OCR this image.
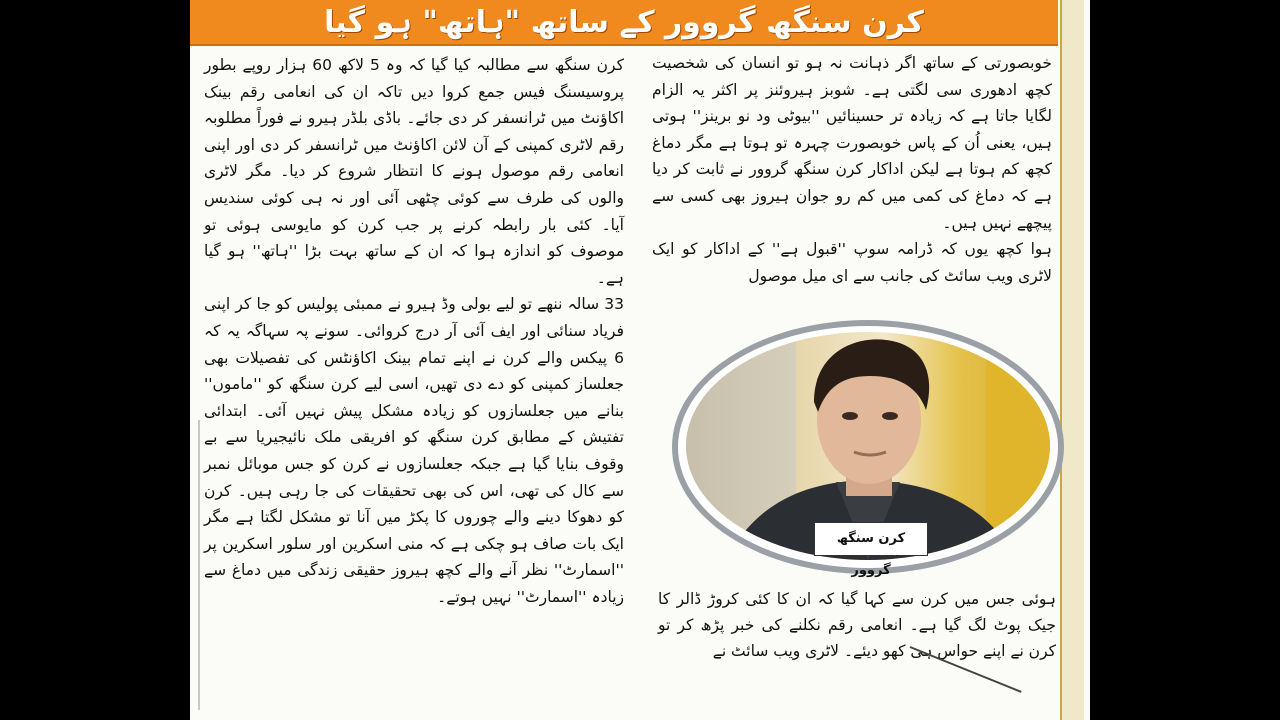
کرن سنگھ گروور کے ساتھ "ہاتھ" ہو گیا

خوبصورتی کے ساتھ اگر ذہانت نہ ہو تو انسان کی شخصیت کچھ ادھوری سی لگتی ہے۔ شوبز ہیروئنز پر اکثر یہ الزام لگایا جاتا ہے کہ زیادہ تر حسینائیں ''بیوٹی ود نو برینز'' ہوتی ہیں، یعنی اُن کے پاس خوبصورت چہرہ تو ہوتا ہے مگر دماغ کچھ کم ہوتا ہے لیکن اداکار کرن سنگھ گروور نے ثابت کر دیا ہے کہ دماغ کی کمی میں کم رو جوان ہیروز بھی کسی سے پیچھے نہیں ہیں۔

ہوا کچھ یوں کہ ڈرامہ سوپ ''قبول ہے'' کے اداکار کو ایک لاٹری ویب سائٹ کی جانب سے ای میل موصول

کرن سنگھ سے مطالبہ کیا گیا کہ وہ 5 لاکھ 60 ہزار روپے بطور پروسیسنگ فیس جمع کروا دیں تاکہ ان کی انعامی رقم بینک اکاؤنٹ میں ٹرانسفر کر دی جائے۔ باڈی بلڈر ہیرو نے فوراً مطلوبہ رقم لاٹری کمپنی کے آن لائن اکاؤنٹ میں ٹرانسفر کر دی اور اپنی انعامی رقم موصول ہونے کا انتظار شروع کر دیا۔ مگر لاٹری والوں کی طرف سے کوئی چٹھی آئی اور نہ ہی کوئی سندیس آیا۔ کئی بار رابطہ کرنے پر جب کرن کو مایوسی ہوئی تو موصوف کو اندازہ ہوا کہ ان کے ساتھ بہت بڑا ''ہاتھ'' ہو گیا ہے۔

33 سالہ ننھے تو لیے بولی وڈ ہیرو نے ممبئی پولیس کو جا کر اپنی فریاد سنائی اور ایف آئی آر درج کروائی۔ سونے پہ سہاگہ یہ کہ 6 پیکس والے کرن نے اپنے تمام بینک اکاؤنٹس کی تفصیلات بھی جعلساز کمپنی کو دے دی تھیں، اسی لیے کرن سنگھ کو ''ماموں'' بنانے میں جعلسازوں کو زیادہ مشکل پیش نہیں آئی۔ ابتدائی تفتیش کے مطابق کرن سنگھ کو افریقی ملک نائیجیریا سے بے وقوف بنایا گیا ہے جبکہ جعلسازوں نے کرن کو جس موبائل نمبر سے کال کی تھی، اس کی بھی تحقیقات کی جا رہی ہیں۔ کرن کو دھوکا دینے والے چوروں کا پکڑ میں آنا تو مشکل لگتا ہے مگر ایک بات صاف ہو چکی ہے کہ منی اسکرین اور سلور اسکرین پر ''اسمارٹ'' نظر آنے والے کچھ ہیروز حقیقی زندگی میں دماغ سے زیادہ ''اسمارٹ'' نہیں ہوتے۔

کرن سنگھ گروور

ہوئی جس میں کرن سے کہا گیا کہ ان کا کئی کروڑ ڈالر کا جیک پوٹ لگ گیا ہے۔ انعامی رقم نکلنے کی خبر پڑھ کر تو کرن نے اپنے حواس ہی کھو دیئے۔ لاٹری ویب سائٹ نے
